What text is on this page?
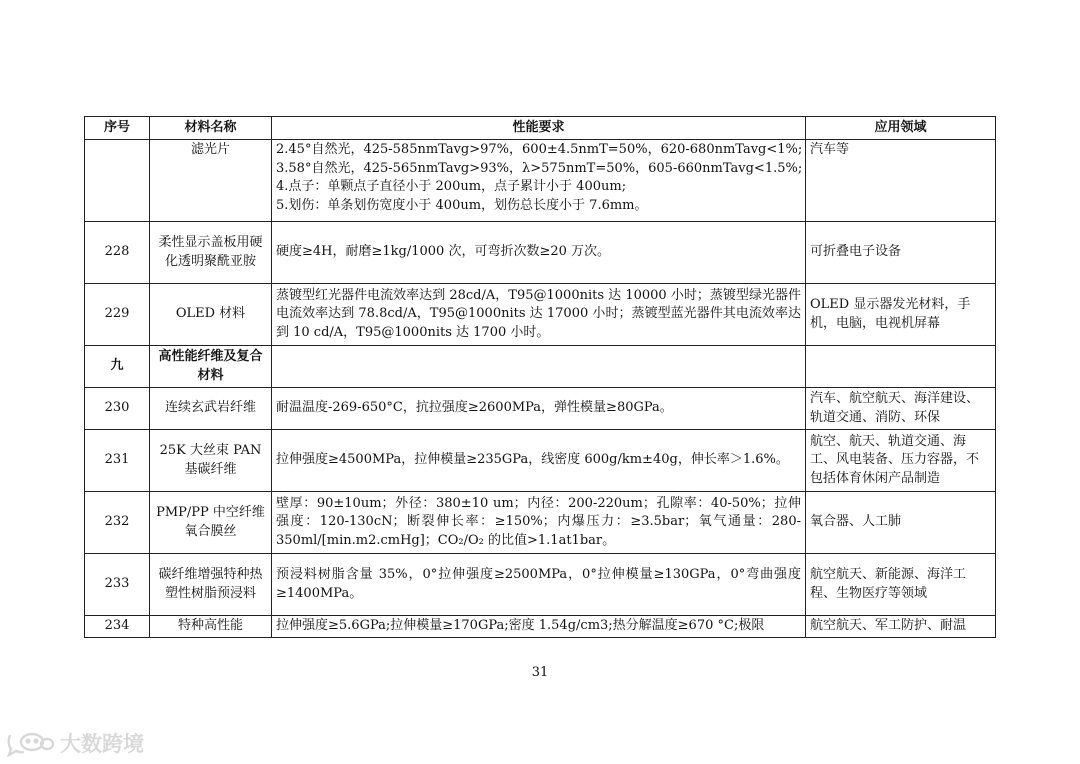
序号	材料名称	性能要求	应用领域
	滤光片	2.45°自然光，425-585nmTavg>97%，600±4.5nmT=50%，620-680nmTavg<1%;
3.58°自然光，425-565nmTavg>93%，λ>575nmT=50%，605-660nmTavg<1.5%;
4.点子：单颗点子直径小于 200um，点子累计小于 400um;
5.划伤：单条划伤宽度小于 400um，划伤总长度小于 7.6mm。	汽车等
228	柔性显示盖板用硬化透明聚酰亚胺	硬度≥4H，耐磨≥1kg/1000 次，可弯折次数≥20 万次。	可折叠电子设备
229	OLED 材料	蒸镀型红光器件电流效率达到 28cd/A，T95@1000nits 达 10000 小时；蒸镀型绿光器件电流效率达到 78.8cd/A，T95@1000nits 达 17000 小时；蒸镀型蓝光器件其电流效率达到 10 cd/A，T95@1000nits 达 1700 小时。	OLED 显示器发光材料，手机，电脑，电视机屏幕
九	高性能纤维及复合材料		
230	连续玄武岩纤维	耐温温度-269-650°C，抗拉强度≥2600MPa，弹性模量≥80GPa。	汽车、航空航天、海洋建设、轨道交通、消防、环保
231	25K 大丝束 PAN 基碳纤维	拉伸强度≥4500MPa，拉伸模量≥235GPa，线密度 600g/km±40g，伸长率＞1.6%。	航空、航天、轨道交通、海工、风电装备、压力容器，不包括体育休闲产品制造
232	PMP/PP 中空纤维氧合膜丝	壁厚：90±10um；外径：380±10 um；内径：200-220um；孔隙率：40-50%；拉伸强度：120-130cN；断裂伸长率：≥150%；内爆压力：≥3.5bar；氧气通量：280-350ml/[min.m2.cmHg]；CO₂/O₂ 的比值>1.1at1bar。	氧合器、人工肺
233	碳纤维增强特种热塑性树脂预浸料	预浸料树脂含量 35%，0°拉伸强度≥2500MPa，0°拉伸模量≥130GPa，0°弯曲强度≥1400MPa。	航空航天、新能源、海洋工程、生物医疗等领域
234	特种高性能	拉伸强度≥5.6GPa;拉伸模量≥170GPa;密度 1.54g/cm3;热分解温度≥670 °C;极限	航空航天、军工防护、耐温
31
大数跨境
